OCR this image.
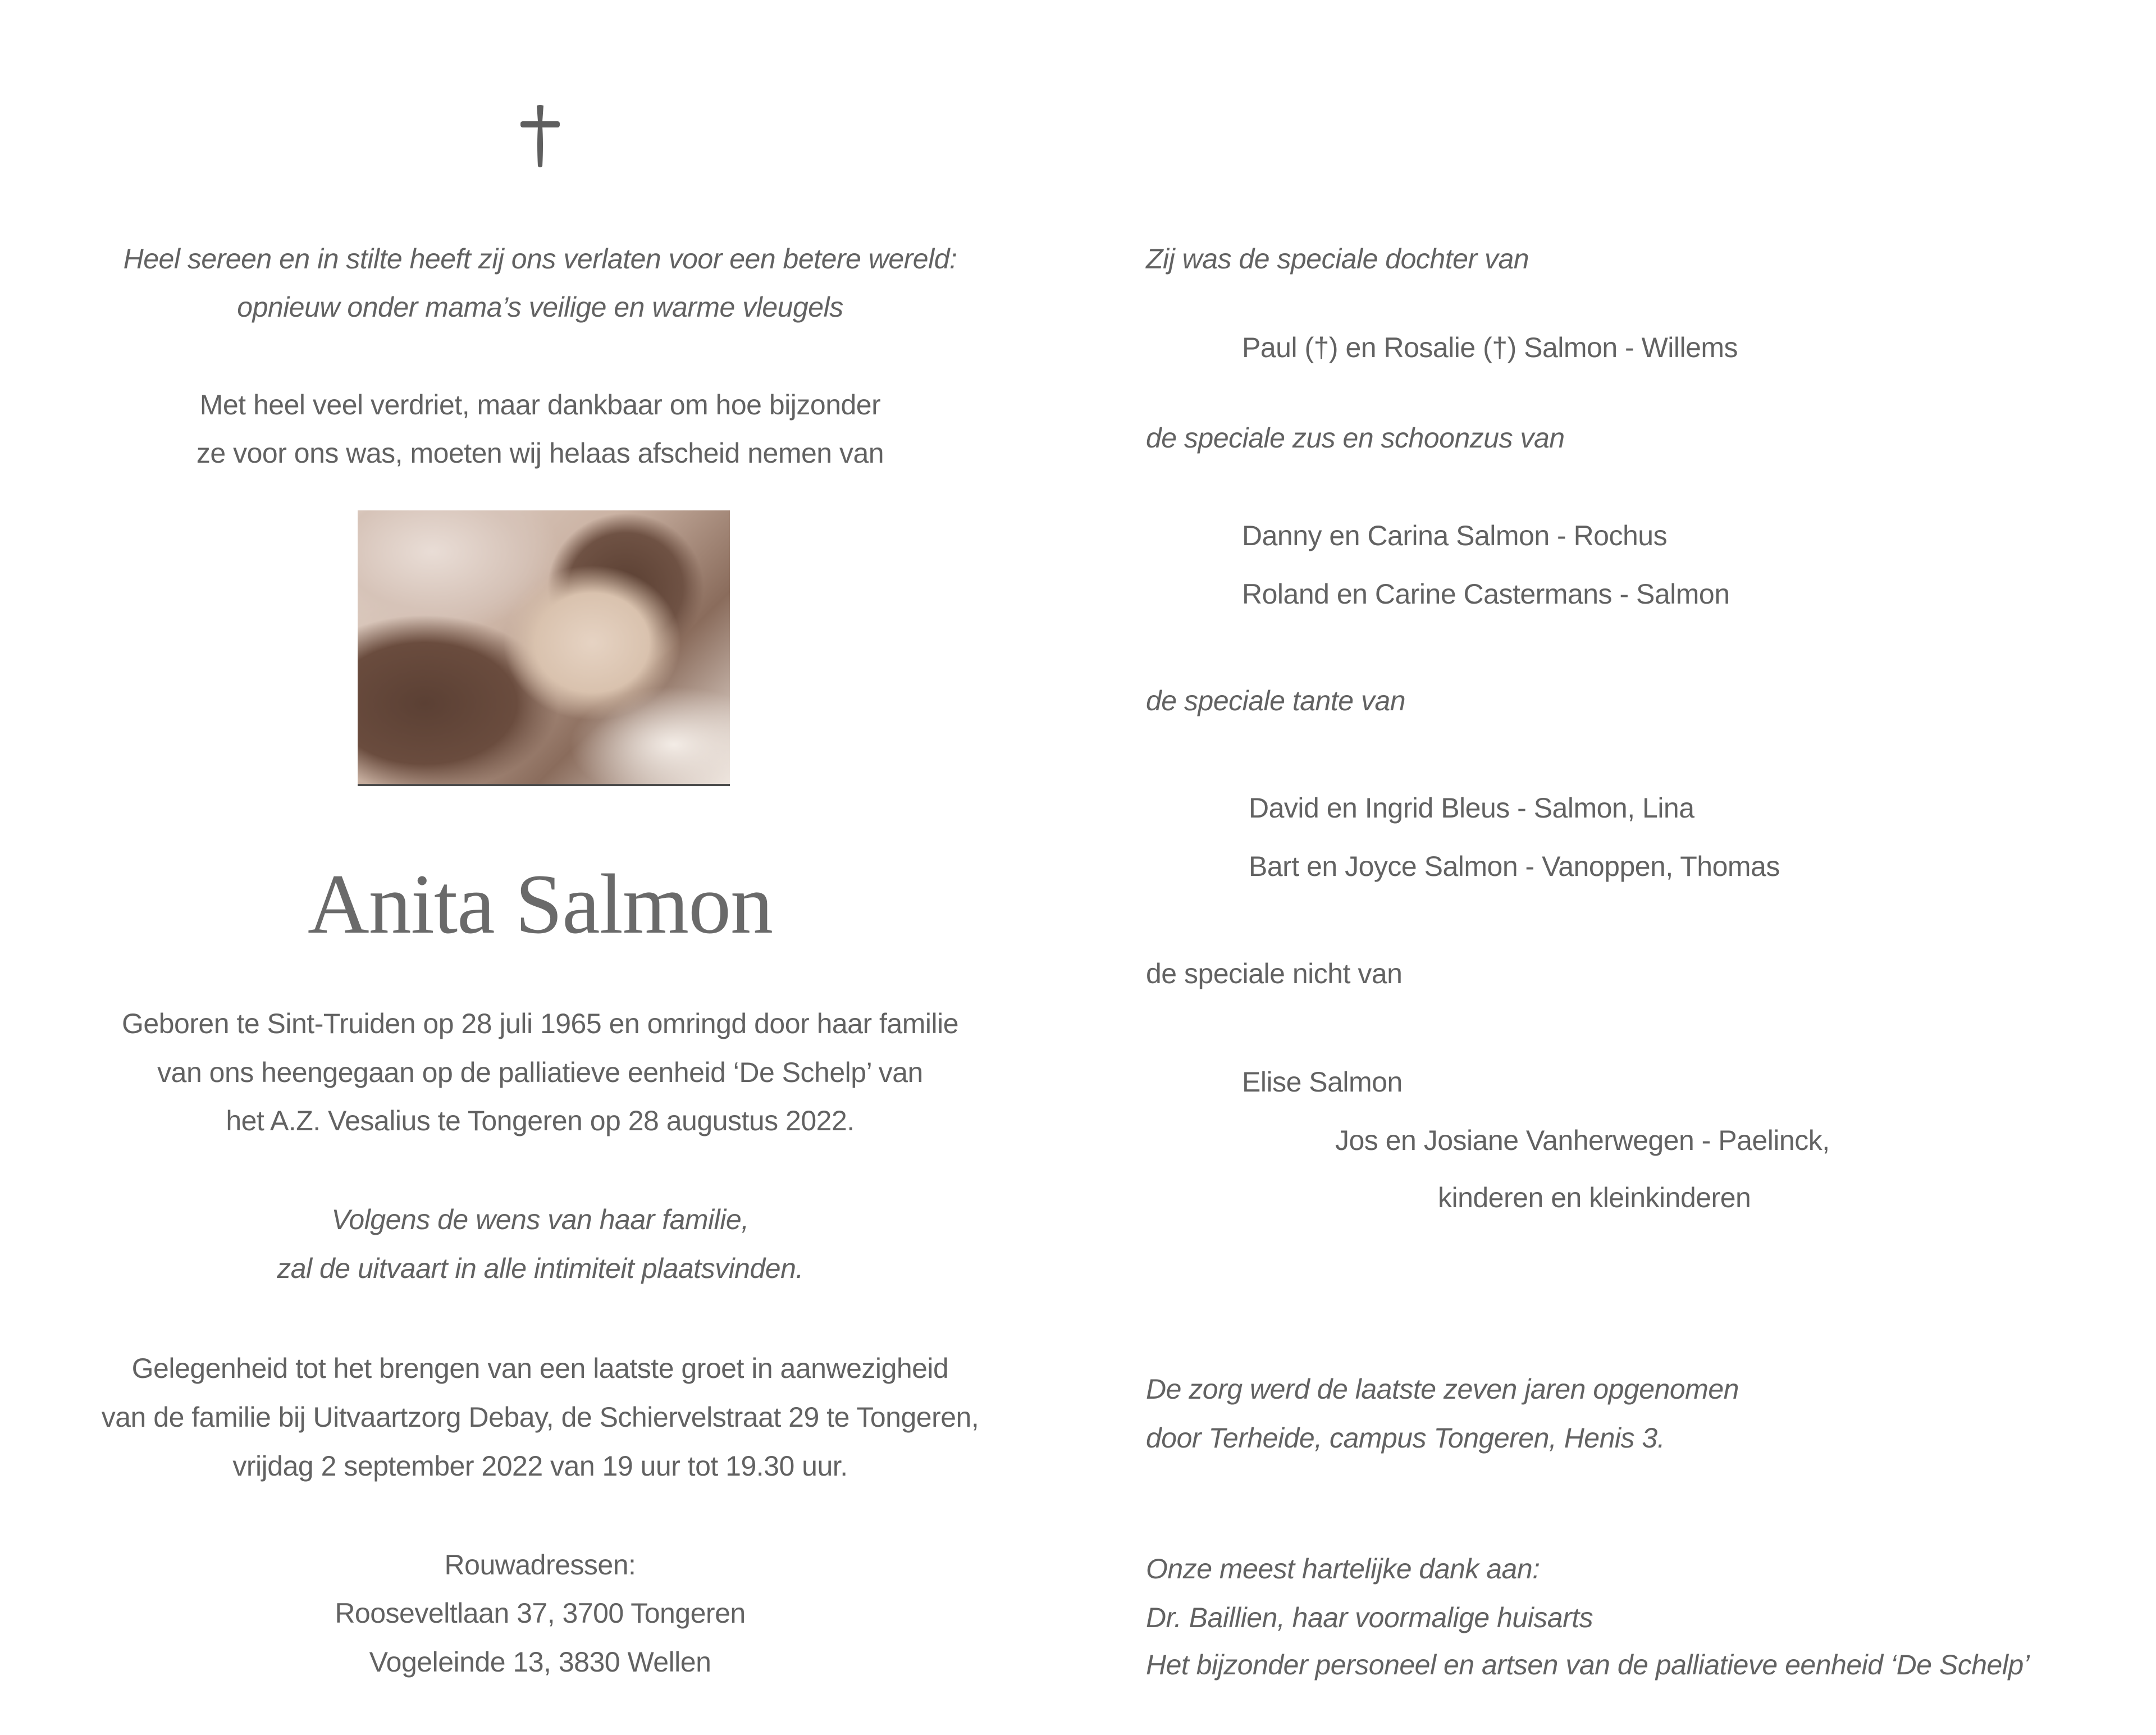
Heel sereen en in stilte heeft zij ons verlaten voor een betere wereld:
opnieuw onder mama’s veilige en warme vleugels
Met heel veel verdriet, maar dankbaar om hoe bijzonder
ze voor ons was, moeten wij helaas afscheid nemen van
Anita Salmon
Geboren te Sint-Truiden op 28 juli 1965 en omringd door haar familie
van ons heengegaan op de palliatieve eenheid ‘De Schelp’ van
het A.Z. Vesalius te Tongeren op 28 augustus 2022.
Volgens de wens van haar familie,
zal de uitvaart in alle intimiteit plaatsvinden.
Gelegenheid tot het brengen van een laatste groet in aanwezigheid
van de familie bij Uitvaartzorg Debay, de Schiervelstraat 29 te Tongeren,
vrijdag 2 september 2022 van 19 uur tot 19.30 uur.
Rouwadressen:
Rooseveltlaan 37, 3700 Tongeren
Vogeleinde 13, 3830 Wellen
Zij was de speciale dochter van
Paul (†) en Rosalie (†) Salmon - Willems
de speciale zus en schoonzus van
Danny en Carina Salmon - Rochus
Roland en Carine Castermans - Salmon
de speciale tante van
David en Ingrid Bleus - Salmon, Lina
Bart en Joyce Salmon - Vanoppen, Thomas
de speciale nicht van
Elise Salmon
Jos en Josiane Vanherwegen - Paelinck,
kinderen en kleinkinderen
De zorg werd de laatste zeven jaren opgenomen
door Terheide, campus Tongeren, Henis 3.
Onze meest hartelijke dank aan:
Dr. Baillien, haar voormalige huisarts
Het bijzonder personeel en artsen van de palliatieve eenheid ‘De Schelp’
